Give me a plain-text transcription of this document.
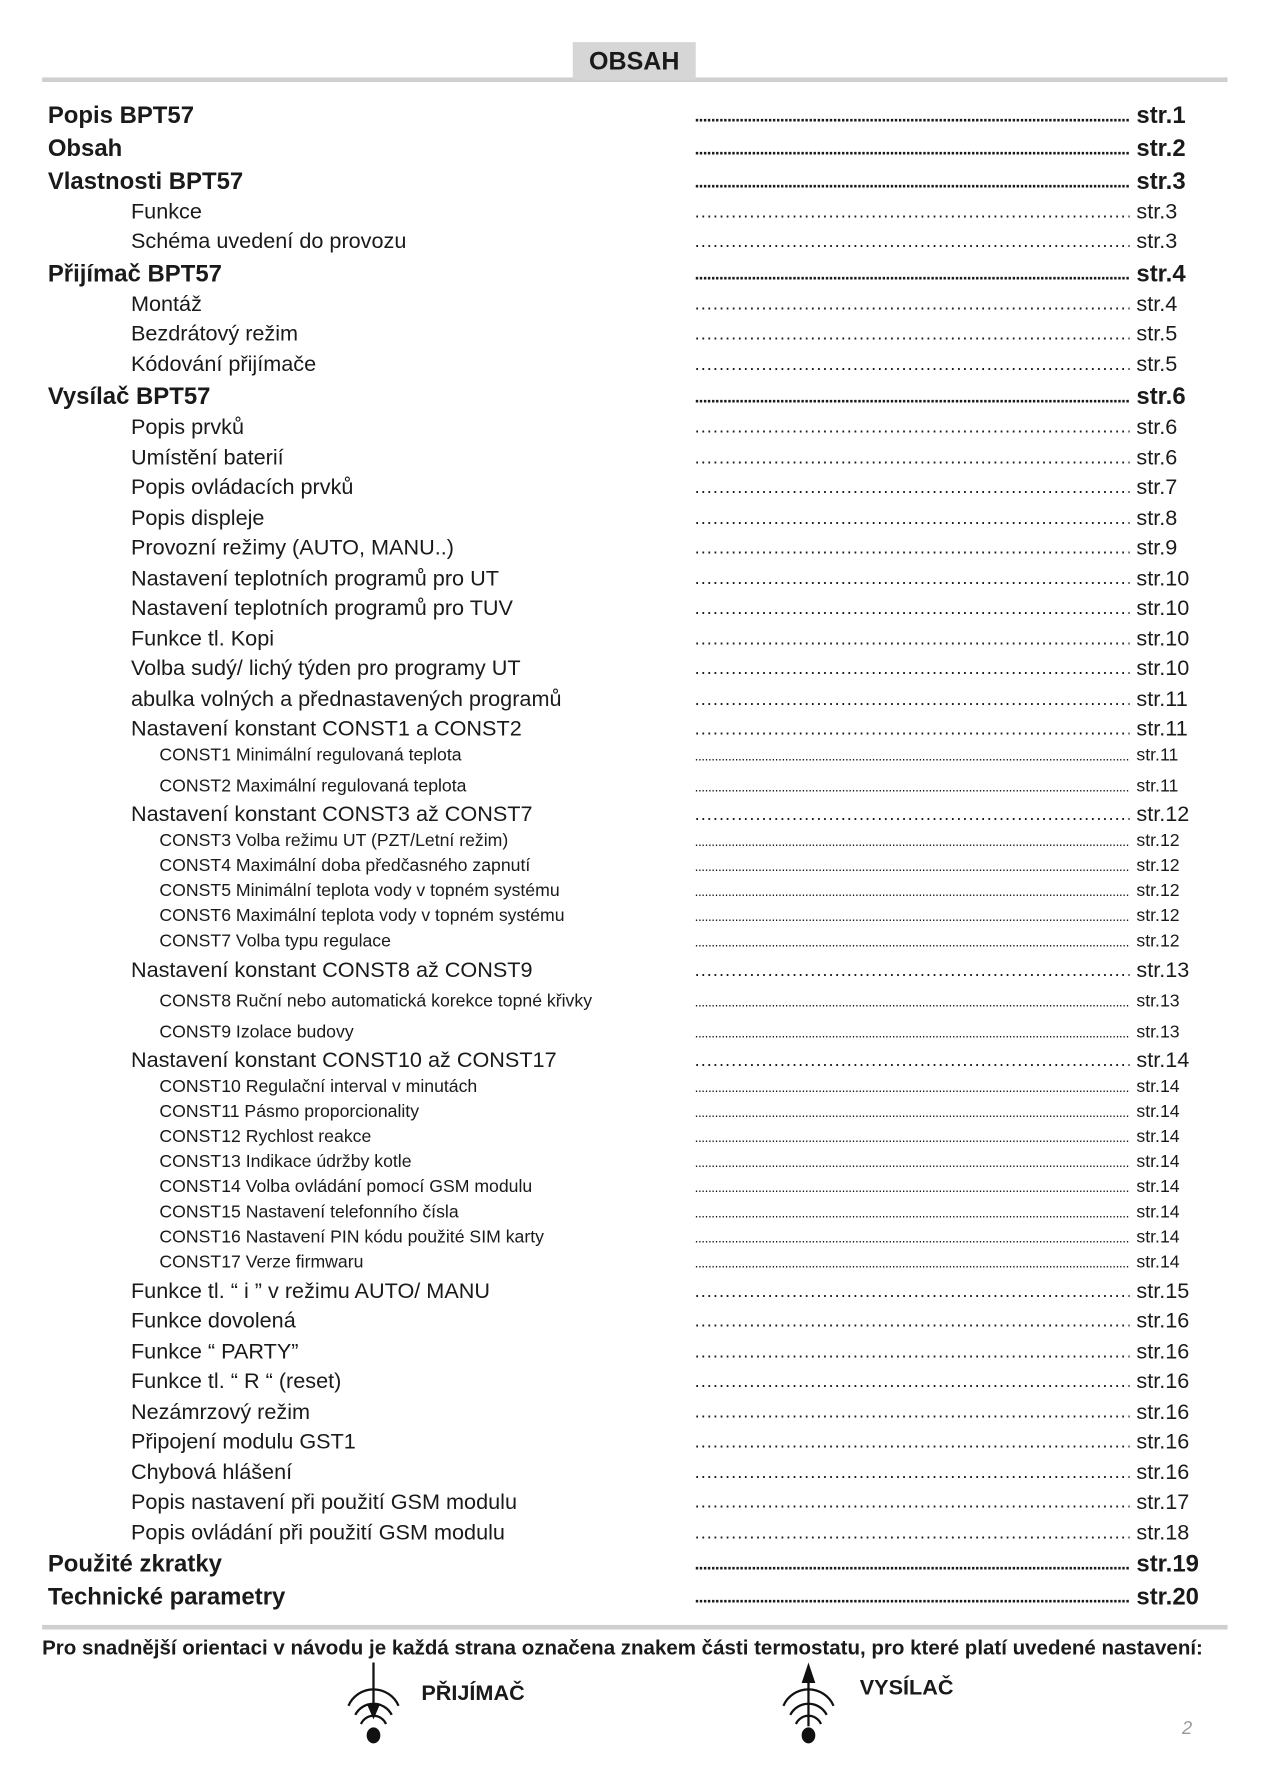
OBSAH
Popis BPT57 .....	str.1
Obsah .....	str.2
Vlastnosti BPT57 .....	str.3
Funkce .....	str.3
Schéma uvedení do provozu .....	str.3
Přijímač BPT57 .....	str.4
Montáž .....	str.4
Bezdrátový režim .....	str.5
Kódování přijímače .....	str.5
Vysílač BPT57 .....	str.6
Popis prvků .....	str.6
Umístění baterií .....	str.6
Popis ovládacích prvků .....	str.7
Popis displeje .....	str.8
Provozní režimy (AUTO, MANU..) .....	str.9
Nastavení teplotních programů pro UT .....	str.10
Nastavení teplotních programů pro TUV .....	str.10
Funkce tl. Kopi .....	str.10
Volba sudý/ lichý týden pro programy UT .....	str.10
abulka volných a přednastavených programů .....	str.11
Nastavení konstant CONST1 a CONST2 .....	str.11
CONST1 Minimální regulovaná teplota .....	str.11
CONST2 Maximální regulovaná teplota .....	str.11
Nastavení konstant CONST3 až CONST7 .....	str.12
CONST3 Volba režimu UT (PZT/Letní režim) .....	str.12
CONST4 Maximální doba předčasného zapnutí .....	str.12
CONST5 Minimální teplota vody v topném systému .....	str.12
CONST6 Maximální teplota vody v topném systému .....	str.12
CONST7 Volba typu regulace .....	str.12
Nastavení konstant CONST8 až CONST9 .....	str.13
CONST8 Ruční nebo automatická korekce topné křivky .....	str.13
CONST9 Izolace budovy .....	str.13
Nastavení konstant CONST10 až CONST17 .....	str.14
CONST10 Regulační interval v minutách .....	str.14
CONST11 Pásmo proporcionality .....	str.14
CONST12 Rychlost reakce .....	str.14
CONST13 Indikace údržby kotle .....	str.14
CONST14 Volba ovládání pomocí GSM modulu .....	str.14
CONST15 Nastavení telefonního čísla .....	str.14
CONST16 Nastavení PIN kódu použité SIM karty .....	str.14
CONST17 Verze firmwaru .....	str.14
Funkce tl. “ i ” v režimu AUTO/ MANU .....	str.15
Funkce dovolená .....	str.16
Funkce “ PARTY” .....	str.16
Funkce tl. “ R “ (reset) .....	str.16
Nezámrzový režim .....	str.16
Připojení modulu GST1 .....	str.16
Chybová hlášení .....	str.16
Popis nastavení při použití GSM modulu .....	str.17
Popis ovládání při použití GSM modulu .....	str.18
Použité zkratky .....	str.19
Technické parametry .....	str.20
Pro snadnější orientaci v návodu je každá strana označena znakem části termostatu, pro které platí uvedené nastavení:
PŘIJÍMAČ	VYSÍLAČ
2
